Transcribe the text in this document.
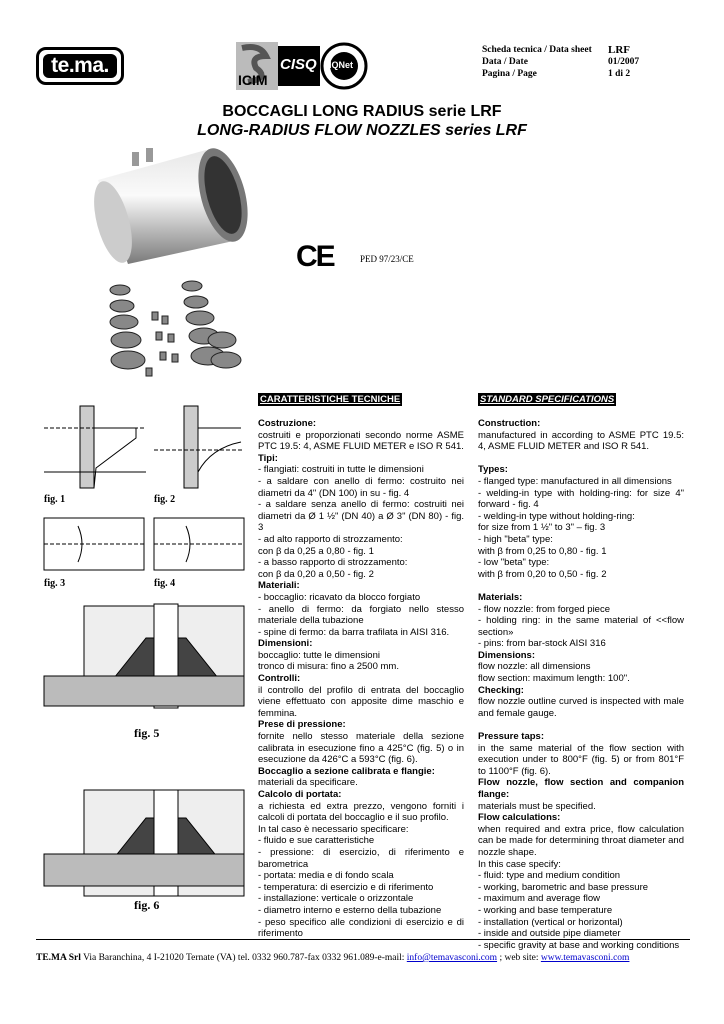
te.ma.
ICIM
CISQ IQNet
Scheda tecnica / Data sheet	LRF
Data / Date	01/2007
Pagina / Page	1 di 2
BOCCAGLI LONG RADIUS serie LRF
LONG-RADIUS FLOW NOZZLES series LRF
CE	PED 97/23/CE
fig. 1	fig. 2
fig. 3	fig. 4
fig. 5
fig. 6
CARATTERISTICHE TECNICHE	STANDARD SPECIFICATIONS

Costruzione:

costruiti e proporzionati secondo norme ASME PTC 19.5: 4, ASME FLUID METER e ISO R 541.

Tipi:

- flangiati: costruiti in tutte le dimensioni

- a saldare con anello di fermo: costruito nei diametri da 4" (DN 100) in su - fig. 4

- a saldare senza anello di fermo: costruiti nei diametri da Ø 1 ½" (DN 40) a Ø 3" (DN 80) - fig. 3

- ad alto rapporto di strozzamento:

con β da 0,25 a 0,80 - fig. 1

- a basso rapporto di strozzamento:

con β da 0,20 a 0,50 - fig. 2

Materiali:

- boccaglio: ricavato da blocco forgiato

- anello di fermo: da forgiato nello stesso materiale della tubazione

- spine di fermo: da barra trafilata in AISI 316.

Dimensioni:

boccaglio: tutte le dimensioni

tronco di misura: fino a 2500 mm.

Controlli:

il controllo del profilo di entrata del boccaglio viene effettuato con apposite dime maschio e femmina.

Prese di pressione:

fornite nello stesso materiale della sezione calibrata in esecuzione fino a 425°C (fig. 5) o in esecuzione da 426°C a 593°C (fig. 6).

Boccaglio a sezione calibrata e flangie:

materiali da specificare.

Calcolo di portata:

a richiesta ed extra prezzo, vengono forniti i calcoli di portata del boccaglio e il suo profilo.

In tal caso è necessario specificare:

- fluido e sue caratteristiche

- pressione: di esercizio, di riferimento e barometrica

- portata: media e di fondo scala

- temperatura: di esercizio e di riferimento

- installazione: verticale o orizzontale

- diametro interno e esterno della tubazione

- peso specifico alle condizioni di esercizio e di riferimento

Construction:

manufactured in according to ASME PTC 19.5: 4, ASME FLUID METER and ISO R 541.

Types:

- flanged type: manufactured in all dimensions

- welding-in type with holding-ring: for size 4" forward - fig. 4

- welding-in type without holding-ring:

for size from 1 ½" to 3" – fig. 3

- high "beta" type:

with β from 0,25 to 0,80 - fig. 1

- low "beta" type:

with β from 0,20 to 0,50 - fig. 2

Materials:

- flow nozzle: from forged piece

- holding ring: in the same material of <<flow section»

- pins: from bar-stock AISI 316

Dimensions:

flow nozzle: all dimensions

flow section: maximum length: 100".

Checking:

flow nozzle outline curved is inspected with male and female gauge.

Pressure taps:

in the same material of the flow section with execution under to 800°F (fig. 5) or from 801°F to 1100°F (fig. 6).

Flow nozzle, flow section and companion flange:

materials must be specified.

Flow calculations:

when required and extra price, flow calculation can be made for determining throat diameter and nozzle shape.

In this case specify:

- fluid: type and medium condition

- working, barometric and base pressure

- maximum and average flow

- working and base temperature

- installation (vertical or horizontal)

- inside and outside pipe diameter

- specific gravity at base and working conditions

TE.MA Srl Via Baranchina, 4 I-21020 Ternate (VA) tel. 0332 960.787-fax 0332 961.089-e-mail: info@temavasconi.com ; web site: www.temavasconi.com
